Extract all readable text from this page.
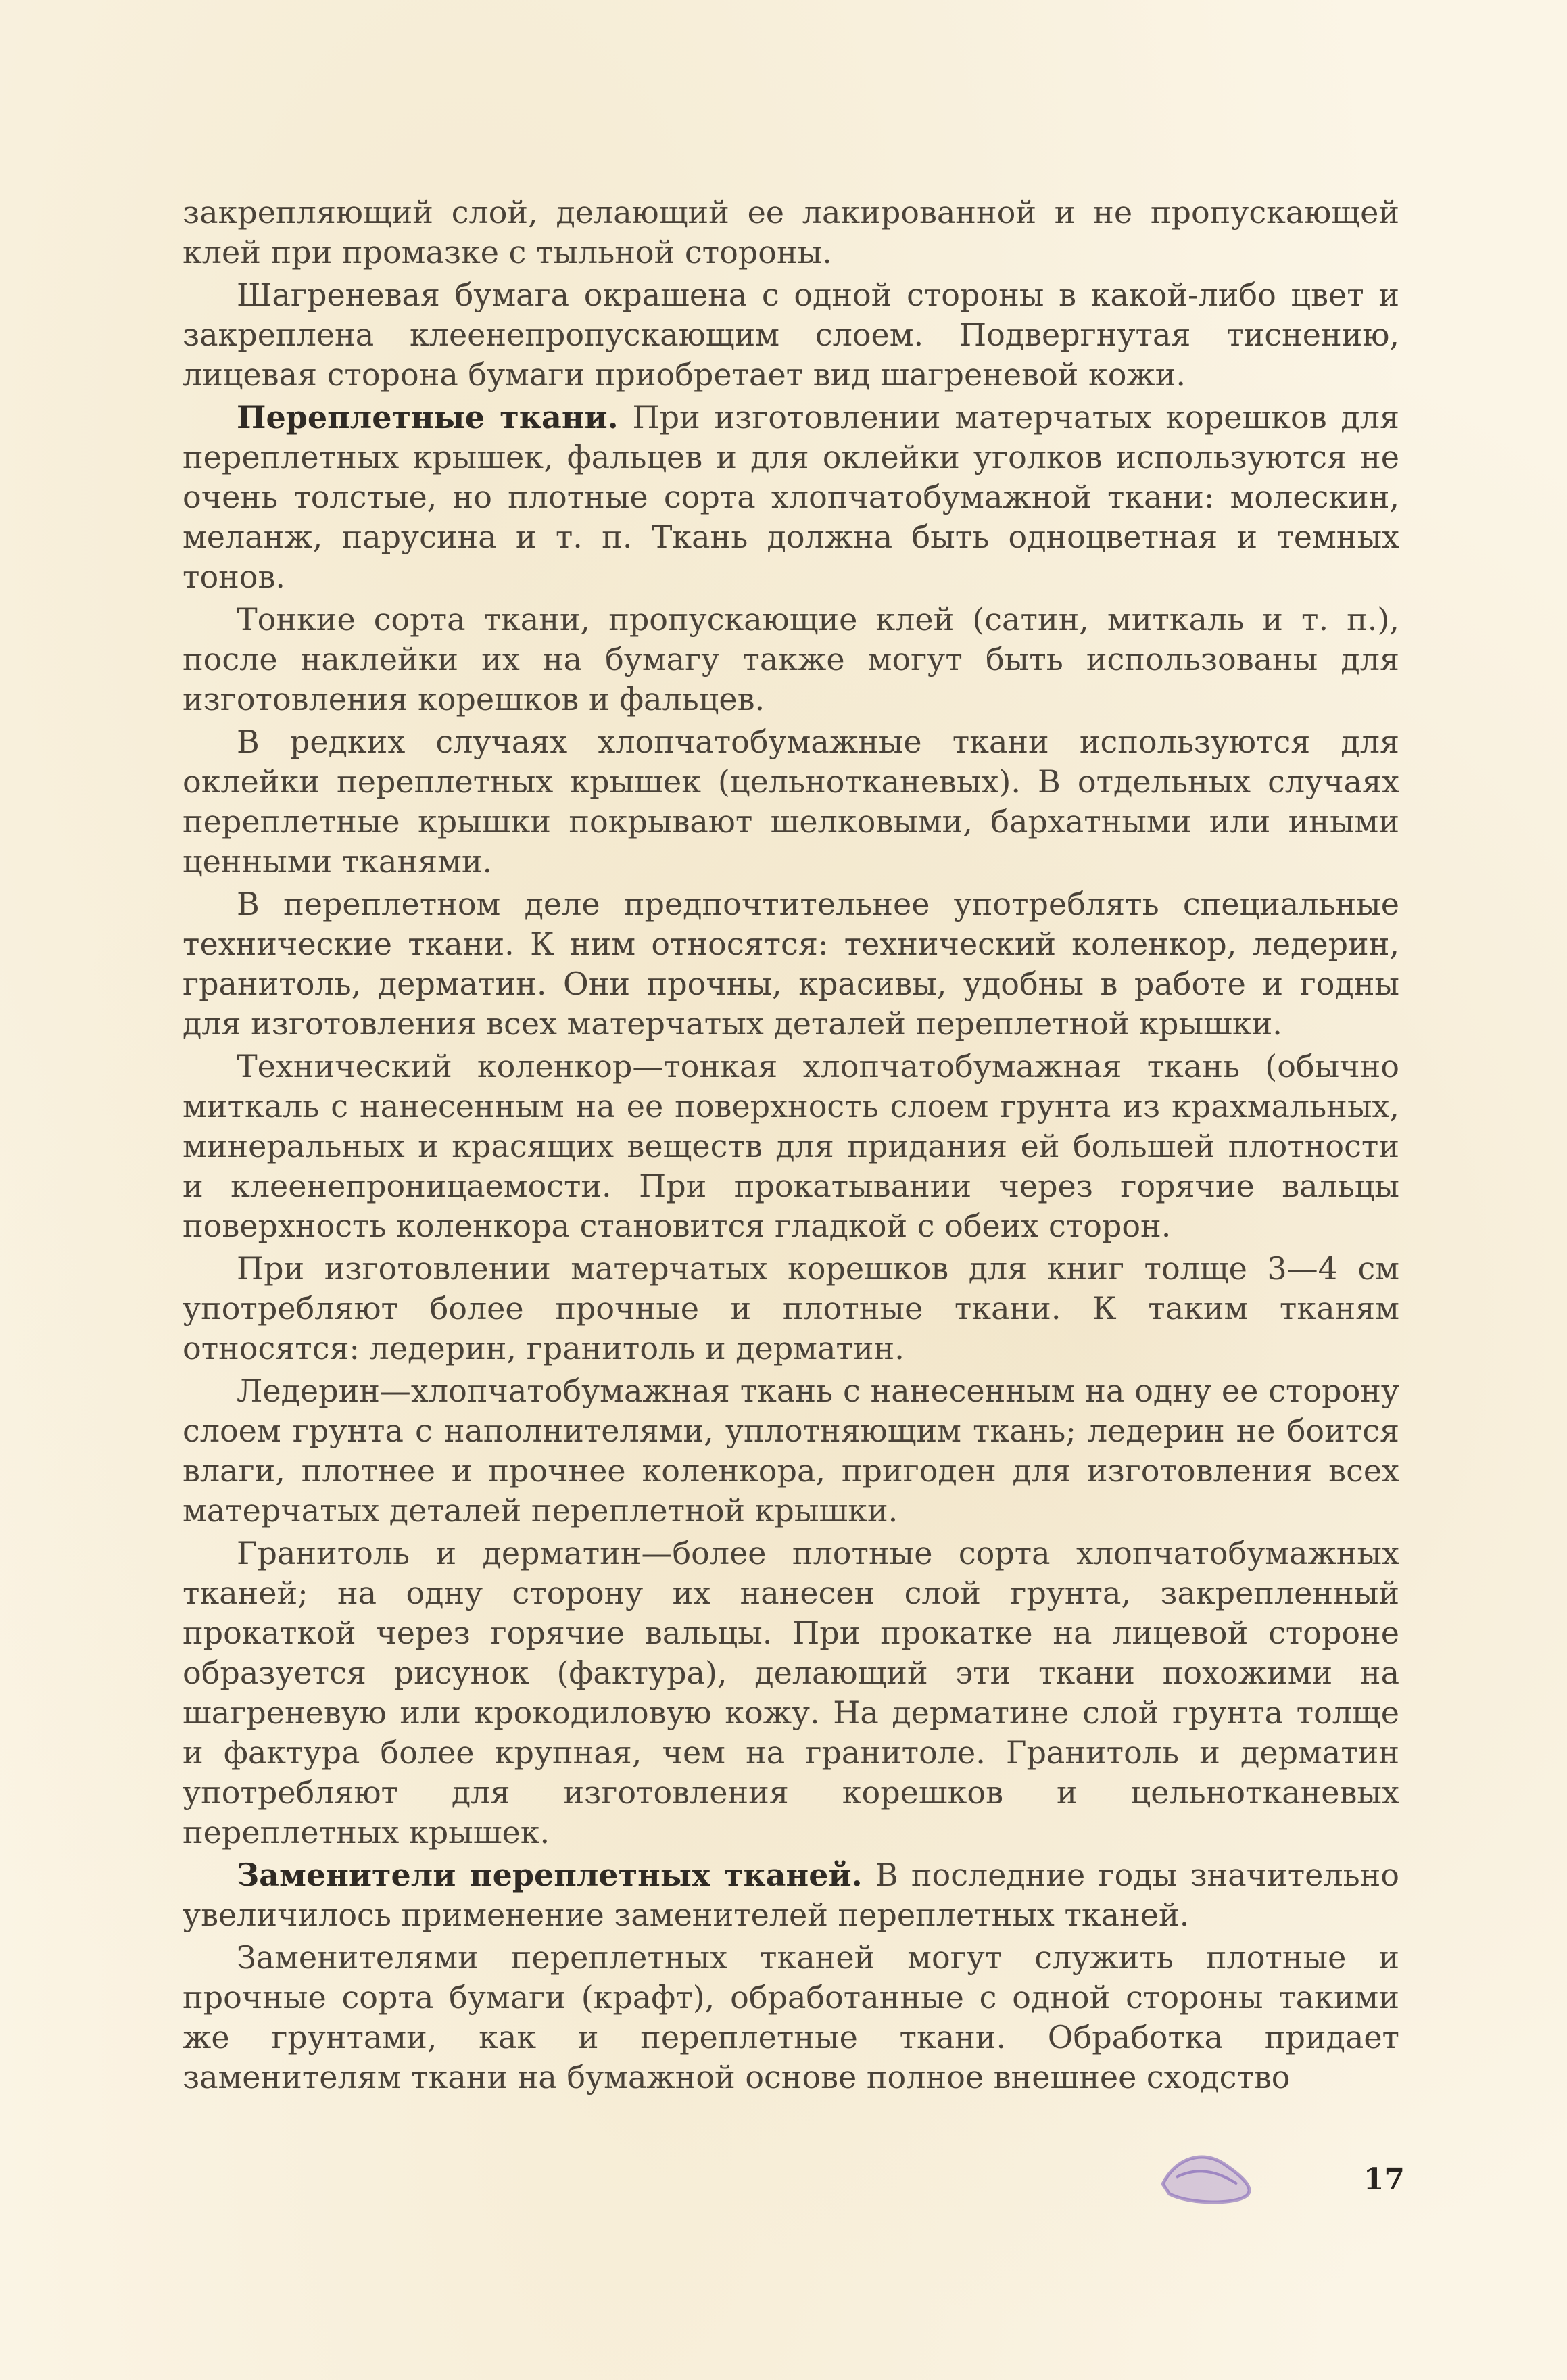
закрепляющий слой, делающий ее лакированной и не пропускающей клей при промазке с тыльной стороны.

Шагреневая бумага окрашена с одной стороны в какой-либо цвет и закреплена клеенепропускающим слоем. Подвергнутая тиснению, лицевая сторона бумаги приобретает вид шагреневой кожи.

Переплетные ткани. При изготовлении матерчатых корешков для переплетных крышек, фальцев и для оклейки уголков используются не очень толстые, но плотные сорта хлопчатобумажной ткани: молескин, меланж, парусина и т. п. Ткань должна быть одноцветная и темных тонов.

Тонкие сорта ткани, пропускающие клей (сатин, миткаль и т. п.), после наклейки их на бумагу также могут быть использованы для изготовления корешков и фальцев.

В редких случаях хлопчатобумажные ткани используются для оклейки переплетных крышек (цельнотканевых). В отдельных случаях переплетные крышки покрывают шелковыми, бархатными или иными ценными тканями.

В переплетном деле предпочтительнее употреблять специальные технические ткани. К ним относятся: технический коленкор, ледерин, гранитоль, дерматин. Они прочны, красивы, удобны в работе и годны для изготовления всех матерчатых деталей переплетной крышки.

Технический коленкор—тонкая хлопчатобумажная ткань (обычно миткаль с нанесенным на ее поверхность слоем грунта из крахмальных, минеральных и красящих веществ для придания ей большей плотности и клеенепроницаемости. При прокатывании через горячие вальцы поверхность коленкора становится гладкой с обеих сторон.

При изготовлении матерчатых корешков для книг толще 3—4 см употребляют более прочные и плотные ткани. К таким тканям относятся: ледерин, гранитоль и дерматин.

Ледерин—хлопчатобумажная ткань с нанесенным на одну ее сторону слоем грунта с наполнителями, уплотняющим ткань; ледерин не боится влаги, плотнее и прочнее коленкора, пригоден для изготовления всех матерчатых деталей переплетной крышки.

Гранитоль и дерматин—более плотные сорта хлопчатобумажных тканей; на одну сторону их нанесен слой грунта, закрепленный прокаткой через горячие вальцы. При прокатке на лицевой стороне образуется рисунок (фактура), делающий эти ткани похожими на шагреневую или крокодиловую кожу. На дерматине слой грунта толще и фактура более крупная, чем на гранитоле. Гранитоль и дерматин употребляют для изготовления корешков и цельнотканевых переплетных крышек.

Заменители переплетных тканей. В последние годы значительно увеличилось применение заменителей переплетных тканей.

Заменителями переплетных тканей могут служить плотные и прочные сорта бумаги (крафт), обработанные с одной стороны такими же грунтами, как и переплетные ткани. Обработка придает заменителям ткани на бумажной основе полное внешнее сходство

17
